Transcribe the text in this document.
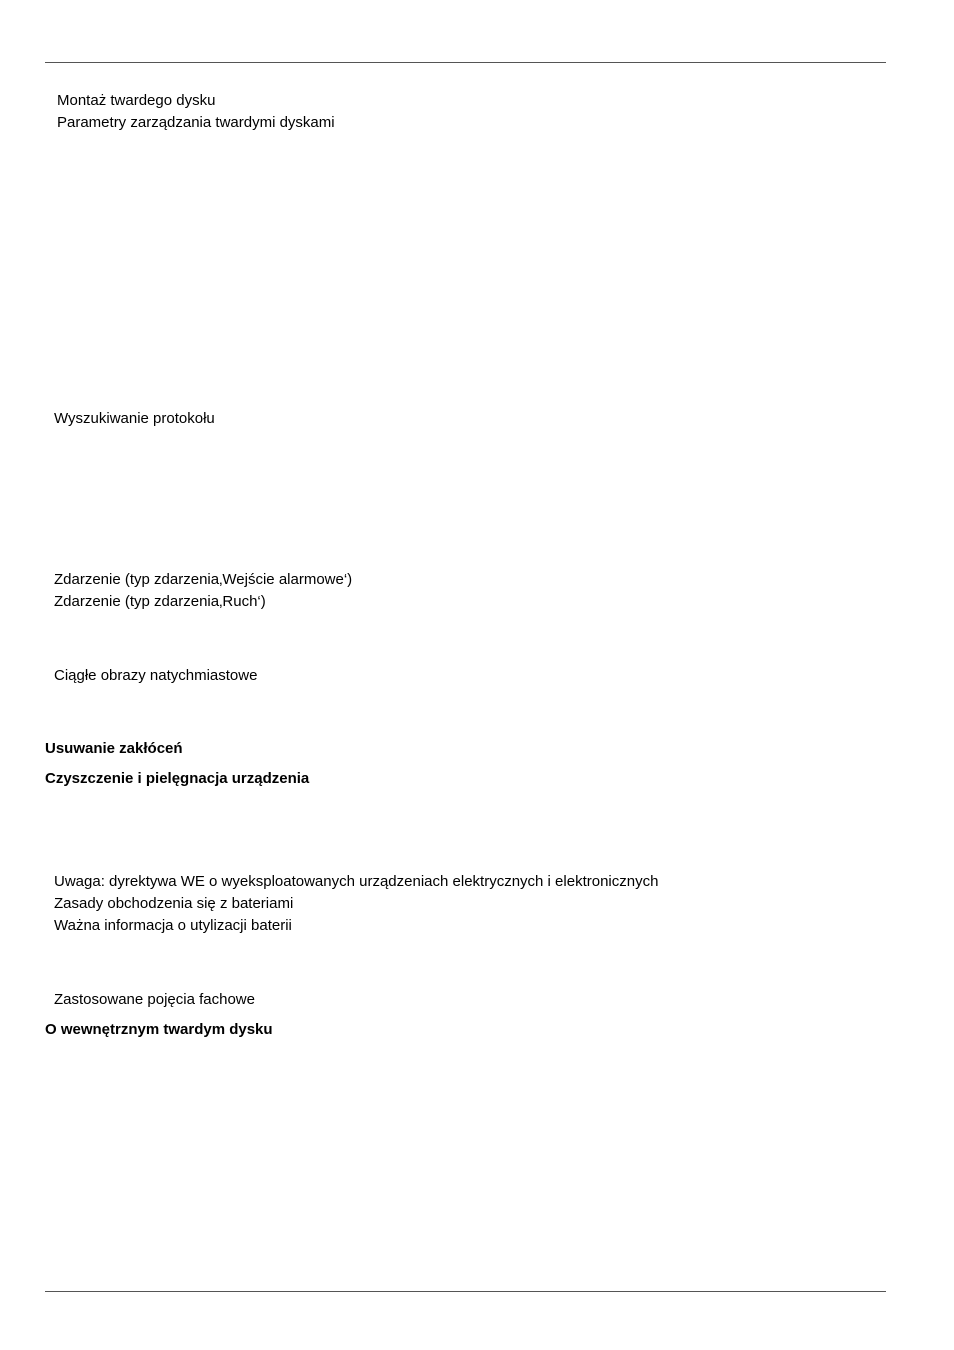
Montaż twardego dysku
Parametry zarządzania twardymi dyskami
Wyszukiwanie protokołu
Zdarzenie (typ zdarzenia‚Wejście alarmowe‘)
Zdarzenie (typ zdarzenia‚Ruch‘)
Ciągłe obrazy natychmiastowe
Usuwanie zakłóceń
Czyszczenie i pielęgnacja urządzenia
Uwaga: dyrektywa WE o wyeksploatowanych urządzeniach elektrycznych i elektronicznych
Zasady obchodzenia się z bateriami
Ważna informacja o utylizacji baterii
Zastosowane pojęcia fachowe
O wewnętrznym twardym dysku
